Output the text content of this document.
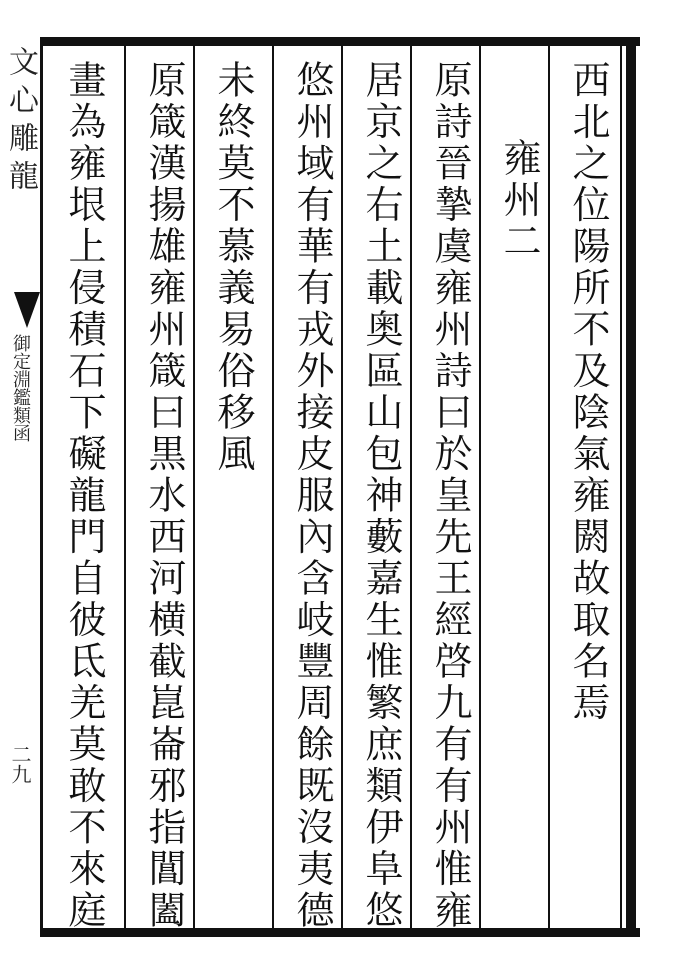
文心雕龍
御定淵鑑類函
二九
西北之位陽所不及陰氣雍閼故取名焉
雍州二
原詩晉摯虞雍州詩曰於皇先王經啓九有有州惟雍
居京之右土載奥區山包神藪嘉生惟繁庶類伊阜悠
悠州域有華有戎外接皮服內含岐豐周餘既沒夷德
未終莫不慕義易俗移風
原箴漢揚雄雍州箴曰黒水西河横截崑崙邪指閶闔
畫為雍垠上侵積石下礙龍門自彼氐羌莫敢不來庭
